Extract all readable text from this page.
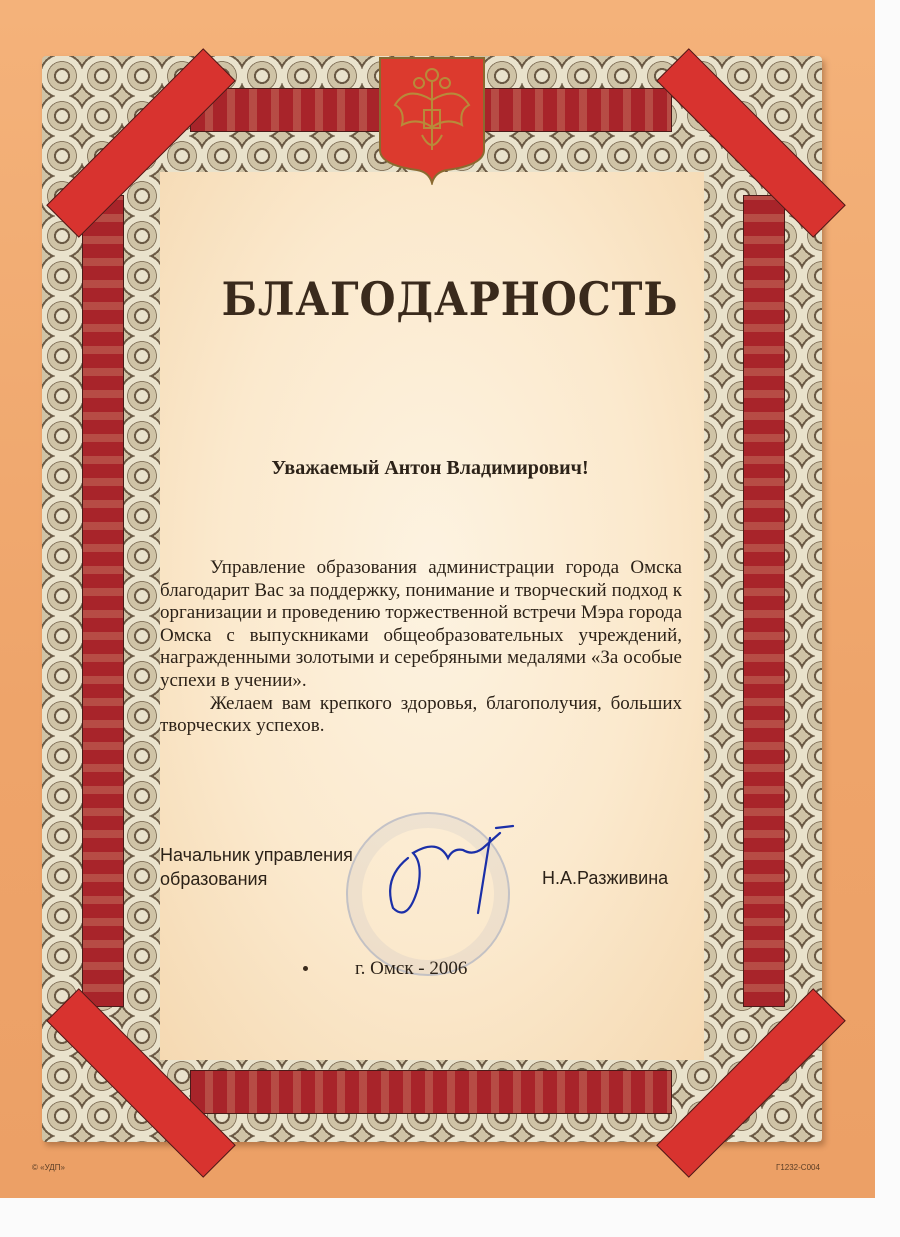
БЛАГОДАРНОСТЬ
Уважаемый Антон Владимирович!

Управление образования администрации города Омска благодарит Вас за поддержку, понимание и творческий подход к организации и проведению торжественной встречи Мэра города Омска с выпускниками общеобразовательных учреждений, награжденными золотыми и серебряными медалями «За особые успехи в учении».

Желаем вам крепкого здоровья, благополучия, больших творческих успехов.

Начальник управления
образования	Н.А.Разживина
г. Омск - 2006
© «УДП»	Г1232-С004
